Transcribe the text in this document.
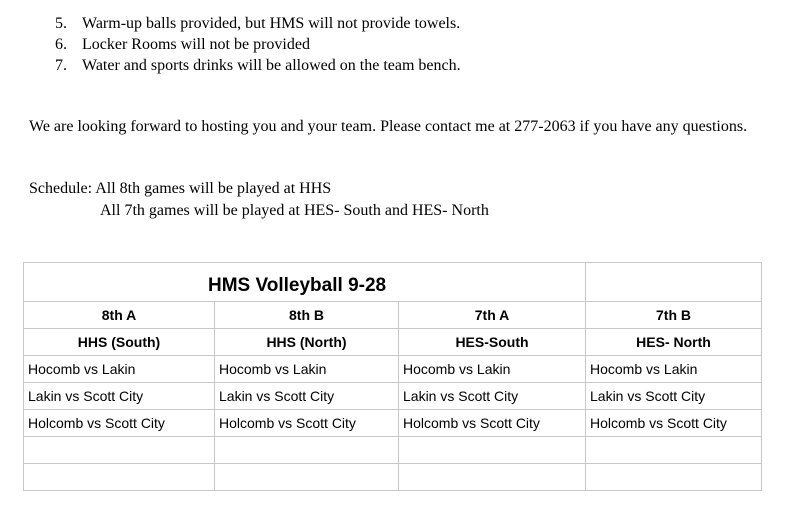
5. Warm-up balls provided, but HMS will not provide towels.
6. Locker Rooms will not be provided
7. Water and sports drinks will be allowed on the team bench.

We are looking forward to hosting you and your team. Please contact me at 277-2063 if you have any questions.

Schedule: All 8th games will be played at HHS
All 7th games will be played at HES- South and HES- North
HMS Volleyball 9-28			
8th A	8th B	7th A	7th B
HHS (South)	HHS (North)	HES-South	HES- North
Hocomb vs Lakin	Hocomb vs Lakin	Hocomb vs Lakin	Hocomb vs Lakin
Lakin vs Scott City	Lakin vs Scott City	Lakin vs Scott City	Lakin vs Scott City
Holcomb vs Scott City	Holcomb vs Scott City	Holcomb vs Scott City	Holcomb vs Scott City
